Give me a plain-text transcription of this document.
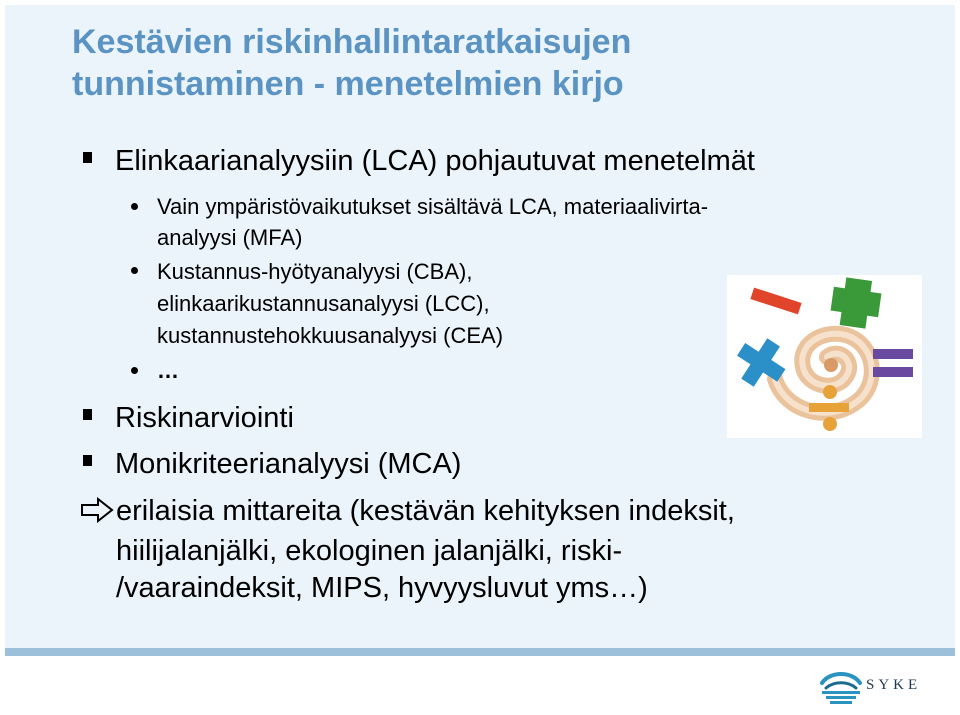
Kestävien riskinhallintaratkaisujen
tunnistaminen - menetelmien kirjo
Elinkaarianalyysiin (LCA) pohjautuvat menetelmät
Vain ympäristövaikutukset sisältävä LCA, materiaalivirta-
analyysi (MFA)
Kustannus-hyötyanalyysi (CBA),
elinkaarikustannusanalyysi (LCC),
kustannustehokkuusanalyysi (CEA)
…
Riskinarviointi
Monikriteerianalyysi (MCA)
erilaisia mittareita (kestävän kehityksen indeksit,
hiilijalanjälki, ekologinen jalanjälki, riski-
/vaaraindeksit, MIPS, hyvyysluvut yms…)
SYKE
